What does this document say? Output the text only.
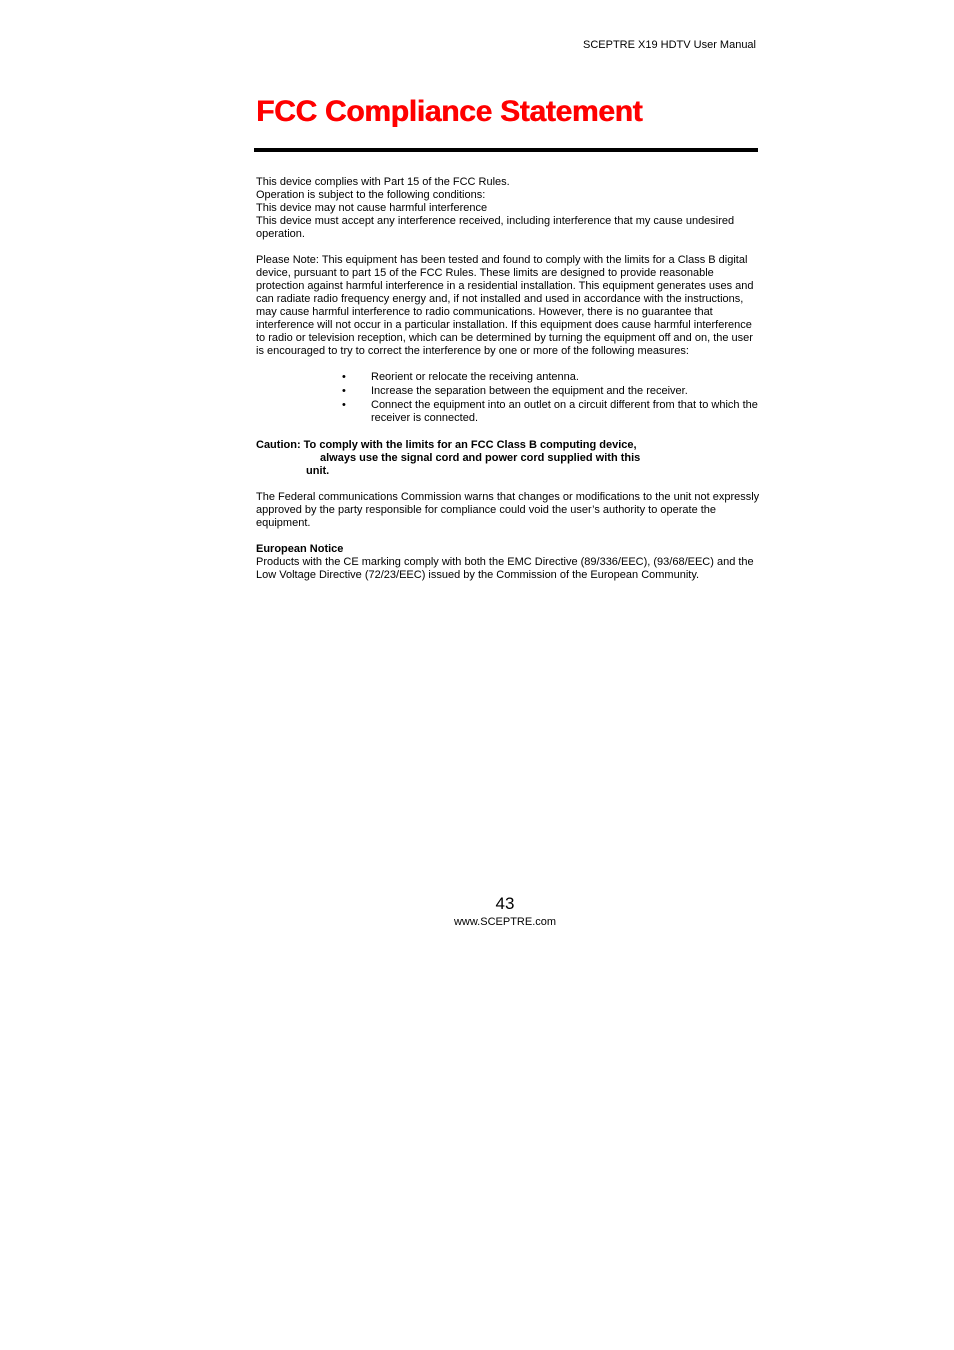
SCEPTRE X19 HDTV User Manual
FCC Compliance Statement

This device complies with Part 15 of the FCC Rules.

Operation is subject to the following conditions:

This device may not cause harmful interference

This device must accept any interference received, including interference that my cause undesired operation.

Please Note: This equipment has been tested and found to comply with the limits for a Class B digital device, pursuant to part 15 of the FCC Rules. These limits are designed to provide reasonable protection against harmful interference in a residential installation. This equipment generates uses and can radiate radio frequency energy and, if not installed and used in accordance with the instructions, may cause harmful interference to radio communications. However, there is no guarantee that interference will not occur in a particular installation. If this equipment does cause harmful interference to radio or television reception, which can be determined by turning the equipment off and on, the user is encouraged to try to correct the interference by one or more of the following measures:

• Reorient or relocate the receiving antenna.
• Increase the separation between the equipment and the receiver.
• Connect the equipment into an outlet on a circuit different from that to which the receiver is connected.

Caution: To comply with the limits for an FCC Class B computing device,

always use the signal cord and power cord supplied with this

unit.

The Federal communications Commission warns that changes or modifications to the unit not expressly approved by the party responsible for compliance could void the user’s authority to operate the equipment.

European Notice

Products with the CE marking comply with both the EMC Directive (89/336/EEC), (93/68/EEC) and the Low Voltage Directive (72/23/EEC) issued by the Commission of the European Community.

43
www.SCEPTRE.com
